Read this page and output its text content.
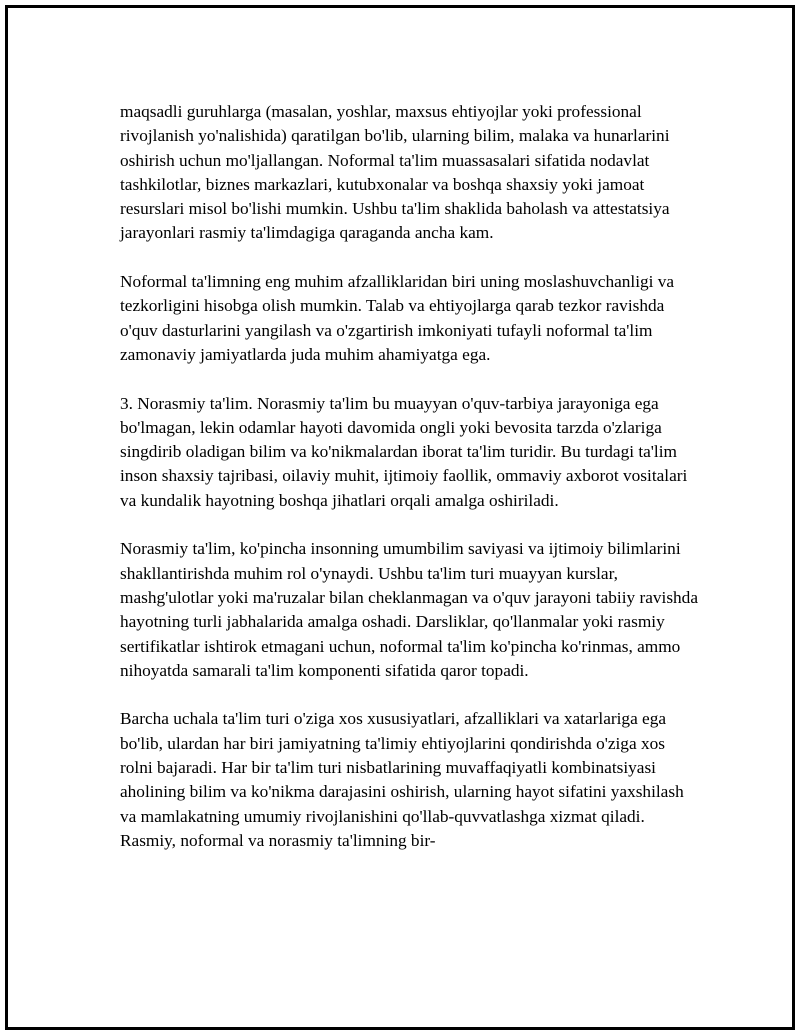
maqsadli guruhlarga (masalan, yoshlar, maxsus ehtiyojlar yoki professional rivojlanish yo'nalishida) qaratilgan bo'lib, ularning bilim, malaka va hunarlarini oshirish uchun mo'ljallangan. Noformal ta'lim muassasalari sifatida nodavlat tashkilotlar, biznes markazlari, kutubxonalar va boshqa shaxsiy yoki jamoat resurslari misol bo'lishi mumkin. Ushbu ta'lim shaklida baholash va attestatsiya jarayonlari rasmiy ta'limdagiga qaraganda ancha kam.

Noformal ta'limning eng muhim afzalliklaridan biri uning moslashuvchanligi va tezkorligini hisobga olish mumkin. Talab va ehtiyojlarga qarab tezkor ravishda o'quv dasturlarini yangilash va o'zgartirish imkoniyati tufayli noformal ta'lim zamonaviy jamiyatlarda juda muhim ahamiyatga ega.

3. Norasmiy ta'lim. Norasmiy ta'lim bu muayyan o'quv-tarbiya jarayoniga ega bo'lmagan, lekin odamlar hayoti davomida ongli yoki bevosita tarzda o'zlariga singdirib oladigan bilim va ko'nikmalardan iborat ta'lim turidir. Bu turdagi ta'lim inson shaxsiy tajribasi, oilaviy muhit, ijtimoiy faollik, ommaviy axborot vositalari va kundalik hayotning boshqa jihatlari orqali amalga oshiriladi.

Norasmiy ta'lim, ko'pincha insonning umumbilim saviyasi va ijtimoiy bilimlarini shakllantirishda muhim rol o'ynaydi. Ushbu ta'lim turi muayyan kurslar, mashg'ulotlar yoki ma'ruzalar bilan cheklanmagan va o'quv jarayoni tabiiy ravishda hayotning turli jabhalarida amalga oshadi. Darsliklar, qo'llanmalar yoki rasmiy sertifikatlar ishtirok etmagani uchun, noformal ta'lim ko'pincha ko'rinmas, ammo nihoyatda samarali ta'lim komponenti sifatida qaror topadi.

Barcha uchala ta'lim turi o'ziga xos xususiyatlari, afzalliklari va xatarlariga ega bo'lib, ulardan har biri jamiyatning ta'limiy ehtiyojlarini qondirishda o'ziga xos rolni bajaradi. Har bir ta'lim turi nisbatlarining muvaffaqiyatli kombinatsiyasi aholining bilim va ko'nikma darajasini oshirish, ularning hayot sifatini yaxshilash va mamlakatning umumiy rivojlanishini qo'llab-quvvatlashga xizmat qiladi. Rasmiy, noformal va norasmiy ta'limning bir-
